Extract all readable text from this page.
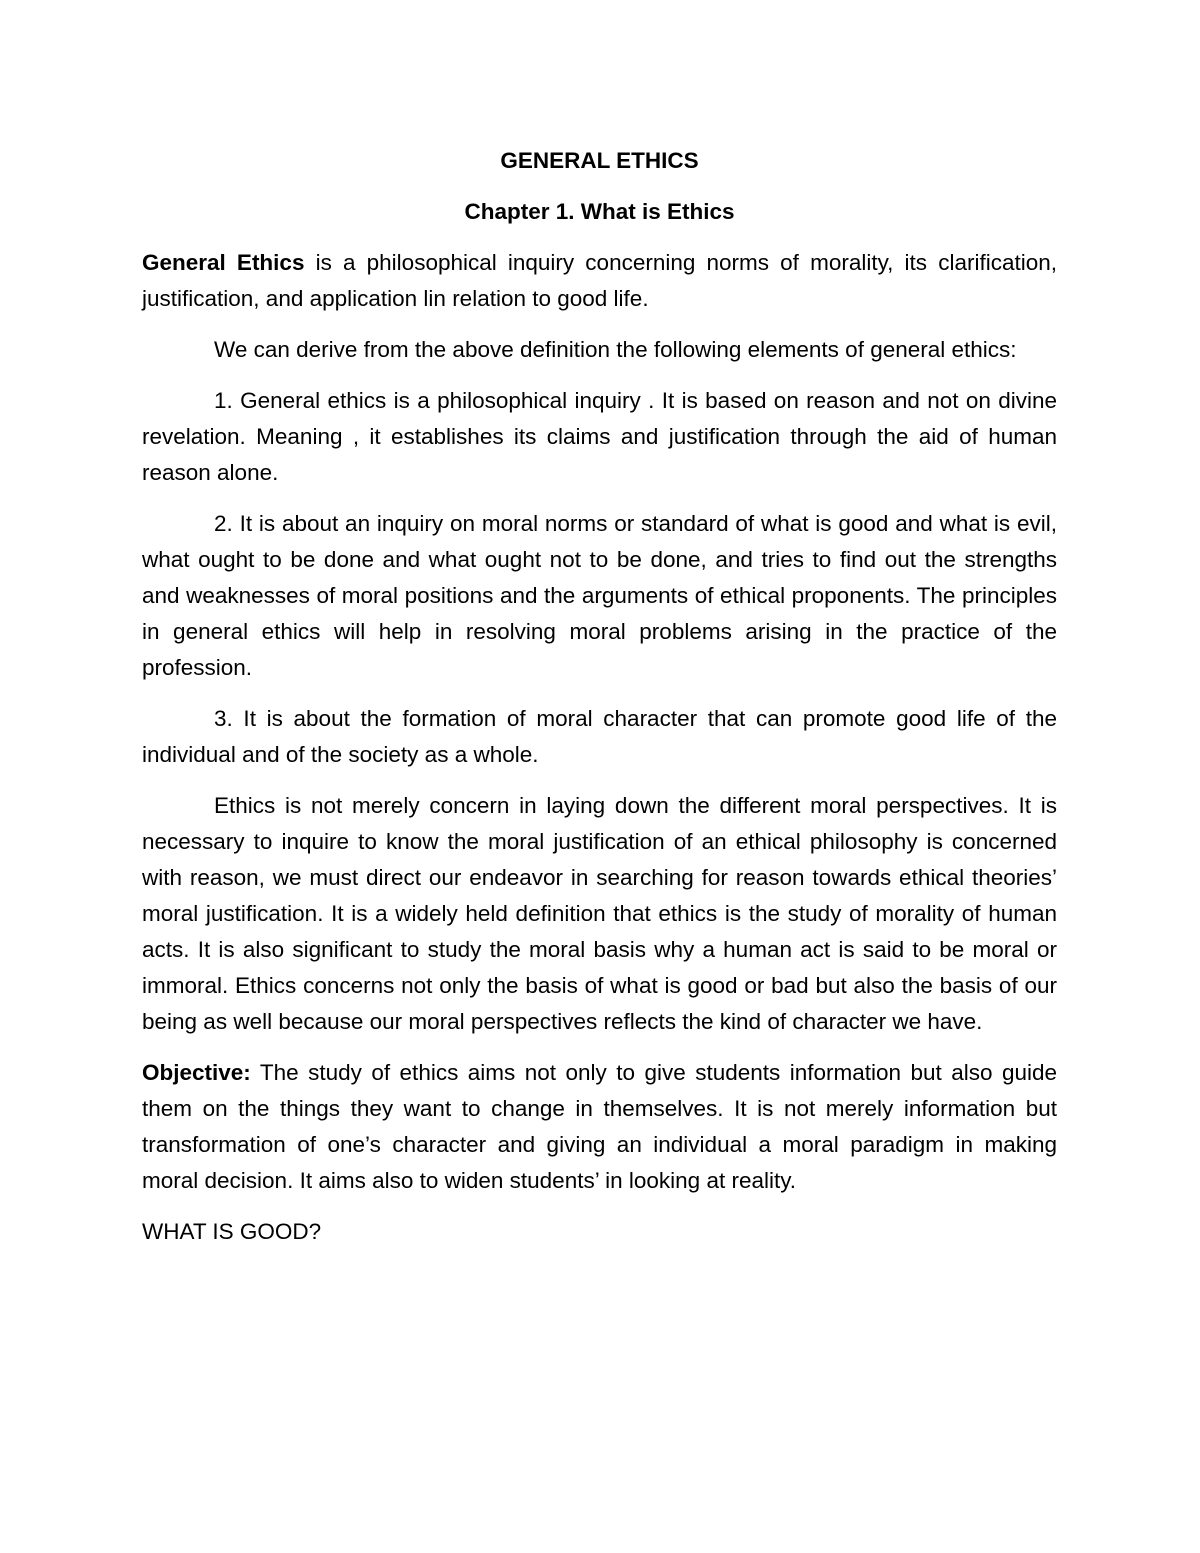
GENERAL ETHICS
Chapter 1. What is Ethics

General Ethics is a philosophical inquiry concerning norms of morality, its clarification, justification, and application lin relation to good life.

We can derive from the above definition the following elements of general ethics:

1. General ethics is a philosophical inquiry . It is based on reason and not on divine revelation. Meaning , it establishes its claims and justification through the aid of human reason alone.

2. It is about an inquiry on moral norms or standard of what is good and what is evil, what ought to be done and what ought not to be done, and tries to find out the strengths and weaknesses of moral positions and the arguments of ethical proponents. The principles in general ethics will help in resolving moral problems arising in the practice of the profession.

3. It is about the formation of moral character that can promote good life of the individual and of the society as a whole.

Ethics is not merely concern in laying down the different moral perspectives. It is necessary to inquire to know the moral justification of an ethical philosophy is concerned with reason, we must direct our endeavor in searching for reason towards ethical theories’ moral justification. It is a widely held definition that ethics is the study of morality of human acts. It is also significant to study the moral basis why a human act is said to be moral or immoral. Ethics concerns not only the basis of what is good or bad but also the basis of our being as well because our moral perspectives reflects the kind of character we have.

Objective: The study of ethics aims not only to give students information but also guide them on the things they want to change in themselves. It is not merely information but transformation of one’s character and giving an individual a moral paradigm in making moral decision. It aims also to widen students’ in looking at reality.

WHAT IS GOOD?
